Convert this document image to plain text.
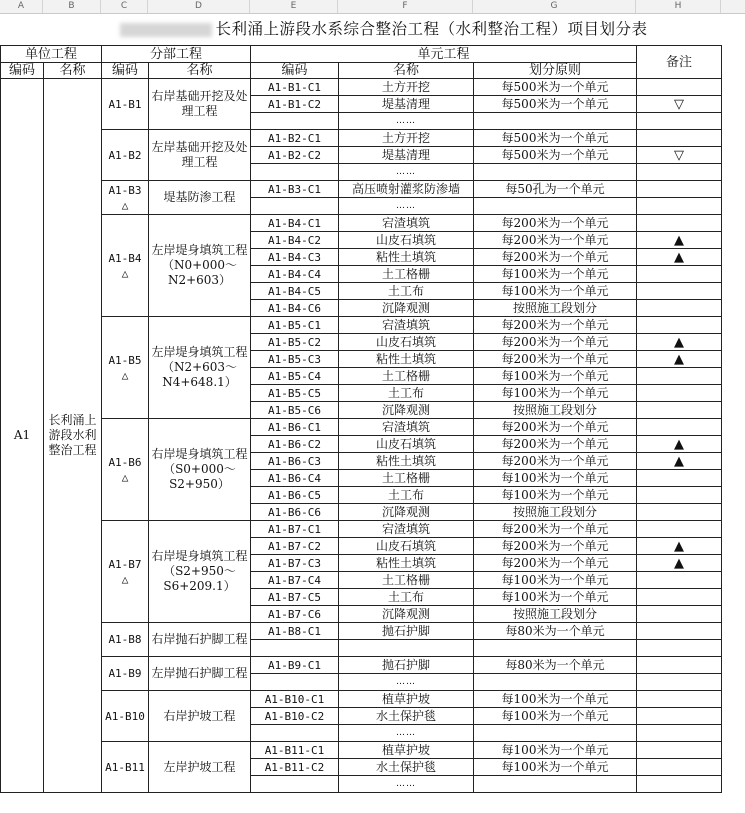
A	B	C	D	E	F	G	H
长利涌上游段水系综合整治工程（水利整治工程）项目划分表
单位工程		分部工程		单元工程			备注
编码	名称	编码	名称	编码	名称	划分原则	
A1	长利涌上游段水利整治工程	A1-B1	右岸基础开挖及处理工程	A1-B1-C1	土方开挖	每500米为一个单元	
				A1-B1-C2	堤基清理	每500米为一个单元	▽
					……		
		A1-B2	左岸基础开挖及处理工程	A1-B2-C1	土方开挖	每500米为一个单元	
				A1-B2-C2	堤基清理	每500米为一个单元	▽
					……		
		A1-B3 △	堤基防渗工程	A1-B3-C1	高压喷射灌浆防渗墙	每50孔为一个单元	
					……		
		A1-B4 △	左岸堤身填筑工程（N0+000～N2+603）	A1-B4-C1	宕渣填筑	每200米为一个单元	
				A1-B4-C2	山皮石填筑	每200米为一个单元	▲
				A1-B4-C3	粘性土填筑	每200米为一个单元	▲
				A1-B4-C4	土工格栅	每100米为一个单元	
				A1-B4-C5	土工布	每100米为一个单元	
				A1-B4-C6	沉降观测	按照施工段划分	
		A1-B5 △	左岸堤身填筑工程（N2+603～N4+648.1）	A1-B5-C1	宕渣填筑	每200米为一个单元	
				A1-B5-C2	山皮石填筑	每200米为一个单元	▲
				A1-B5-C3	粘性土填筑	每200米为一个单元	▲
				A1-B5-C4	土工格栅	每100米为一个单元	
				A1-B5-C5	土工布	每100米为一个单元	
				A1-B5-C6	沉降观测	按照施工段划分	
		A1-B6 △	右岸堤身填筑工程（S0+000～S2+950）	A1-B6-C1	宕渣填筑	每200米为一个单元	
				A1-B6-C2	山皮石填筑	每200米为一个单元	▲
				A1-B6-C3	粘性土填筑	每200米为一个单元	▲
				A1-B6-C4	土工格栅	每100米为一个单元	
				A1-B6-C5	土工布	每100米为一个单元	
				A1-B6-C6	沉降观测	按照施工段划分	
		A1-B7 △	右岸堤身填筑工程（S2+950～S6+209.1）	A1-B7-C1	宕渣填筑	每200米为一个单元	
				A1-B7-C2	山皮石填筑	每200米为一个单元	▲
				A1-B7-C3	粘性土填筑	每200米为一个单元	▲
				A1-B7-C4	土工格栅	每100米为一个单元	
				A1-B7-C5	土工布	每100米为一个单元	
				A1-B7-C6	沉降观测	按照施工段划分	
		A1-B8	右岸抛石护脚工程	A1-B8-C1	抛石护脚	每80米为一个单元	

		A1-B9	左岸抛石护脚工程	A1-B9-C1	抛石护脚	每80米为一个单元	
					……		
		A1-B10	右岸护坡工程	A1-B10-C1	植草护坡	每100米为一个单元	
				A1-B10-C2	水土保护毯	每100米为一个单元	
					……		
		A1-B11	左岸护坡工程	A1-B11-C1	植草护坡	每100米为一个单元	
				A1-B11-C2	水土保护毯	每100米为一个单元	
					……		
